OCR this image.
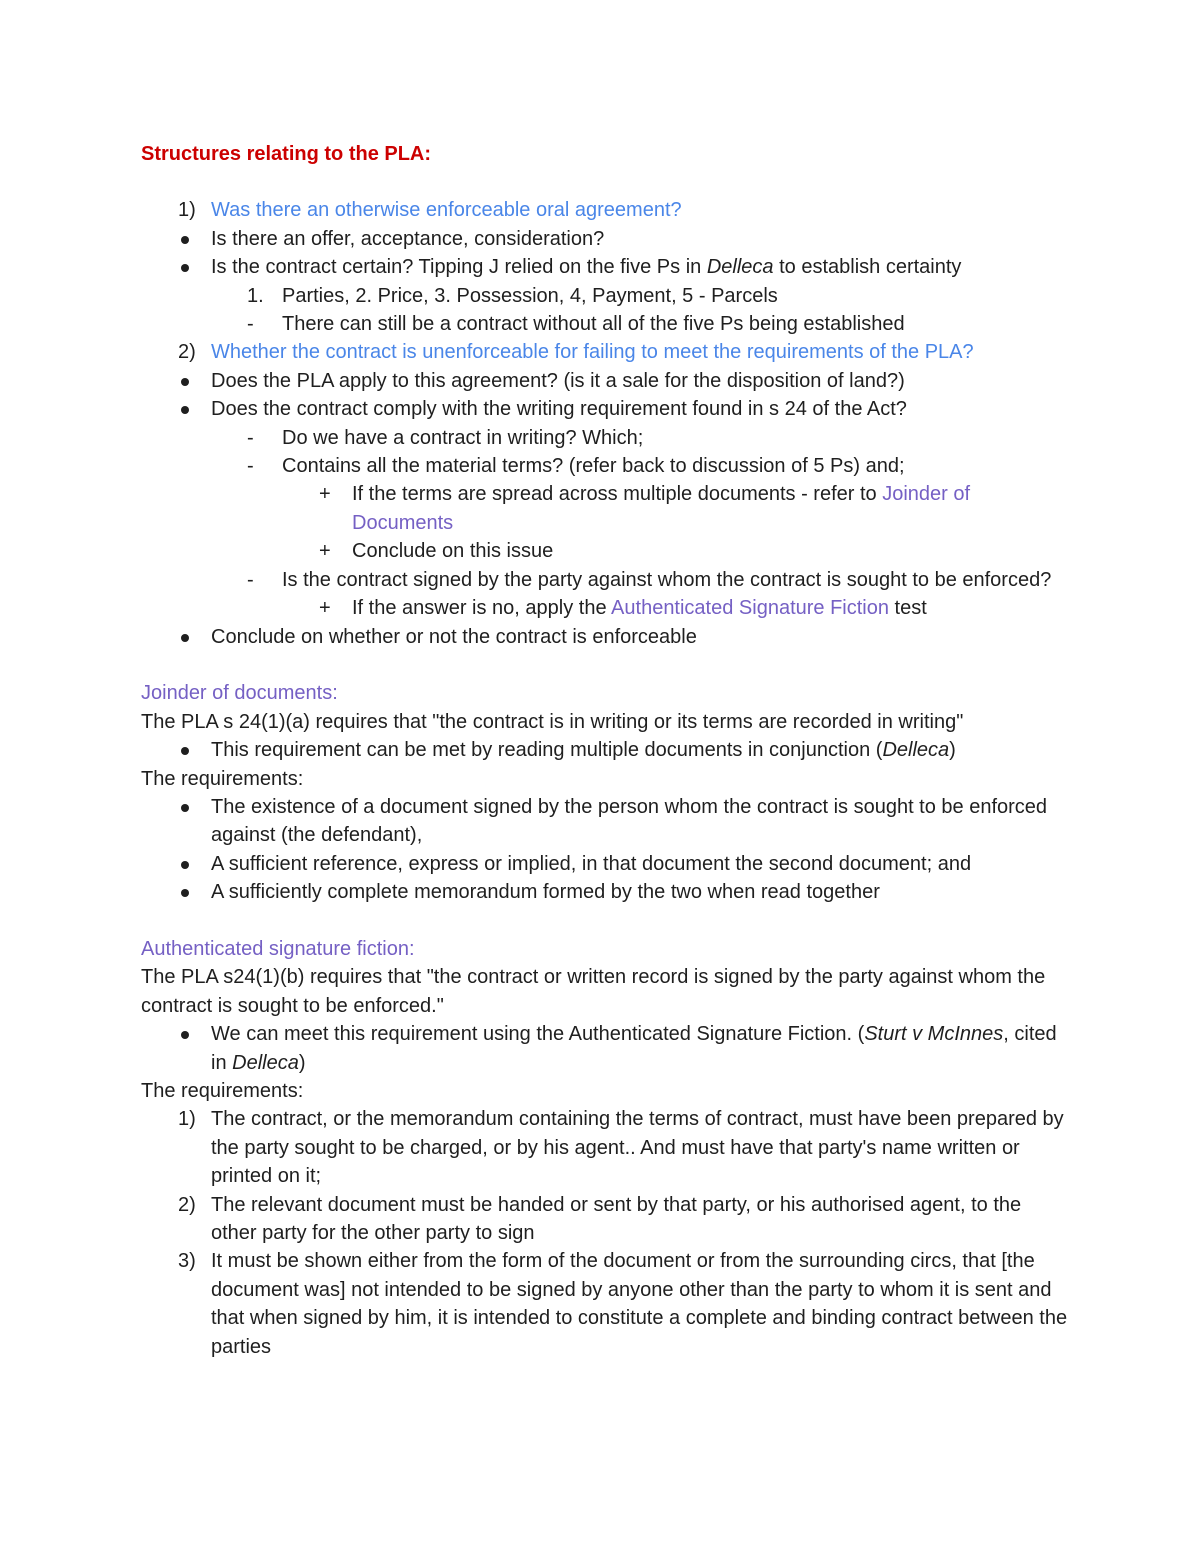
Structures relating to the PLA:
1) Was there an otherwise enforceable oral agreement?
Is there an offer, acceptance, consideration?
Is the contract certain? Tipping J relied on the five Ps in Delleca to establish certainty
1. Parties, 2. Price, 3. Possession, 4, Payment, 5 - Parcels
- There can still be a contract without all of the five Ps being established
2) Whether the contract is unenforceable for failing to meet the requirements of the PLA?
Does the PLA apply to this agreement? (is it a sale for the disposition of land?)
Does the contract comply with the writing requirement found in s 24 of the Act?
- Do we have a contract in writing? Which;
- Contains all the material terms? (refer back to discussion of 5 Ps) and;
+ If the terms are spread across multiple documents - refer to Joinder of Documents
+ Conclude on this issue
- Is the contract signed by the party against whom the contract is sought to be enforced?
+ If the answer is no, apply the Authenticated Signature Fiction test
Conclude on whether or not the contract is enforceable
Joinder of documents:
The PLA s 24(1)(a) requires that "the contract is in writing or its terms are recorded in writing"
This requirement can be met by reading multiple documents in conjunction (Delleca)
The requirements:
The existence of a document signed by the person whom the contract is sought to be enforced against (the defendant),
A sufficient reference, express or implied, in that document the second document; and
A sufficiently complete memorandum formed by the two when read together
Authenticated signature fiction:
The PLA s24(1)(b) requires that "the contract or written record is signed by the party against whom the contract is sought to be enforced."
We can meet this requirement using the Authenticated Signature Fiction. (Sturt v McInnes, cited in Delleca)
The requirements:
1) The contract, or the memorandum containing the terms of contract, must have been prepared by the party sought to be charged, or by his agent.. And must have that party's name written or printed on it;
2) The relevant document must be handed or sent by that party, or his authorised agent, to the other party for the other party to sign
3) It must be shown either from the form of the document or from the surrounding circs, that [the document was] not intended to be signed by anyone other than the party to whom it is sent and that when signed by him, it is intended to constitute a complete and binding contract between the parties
